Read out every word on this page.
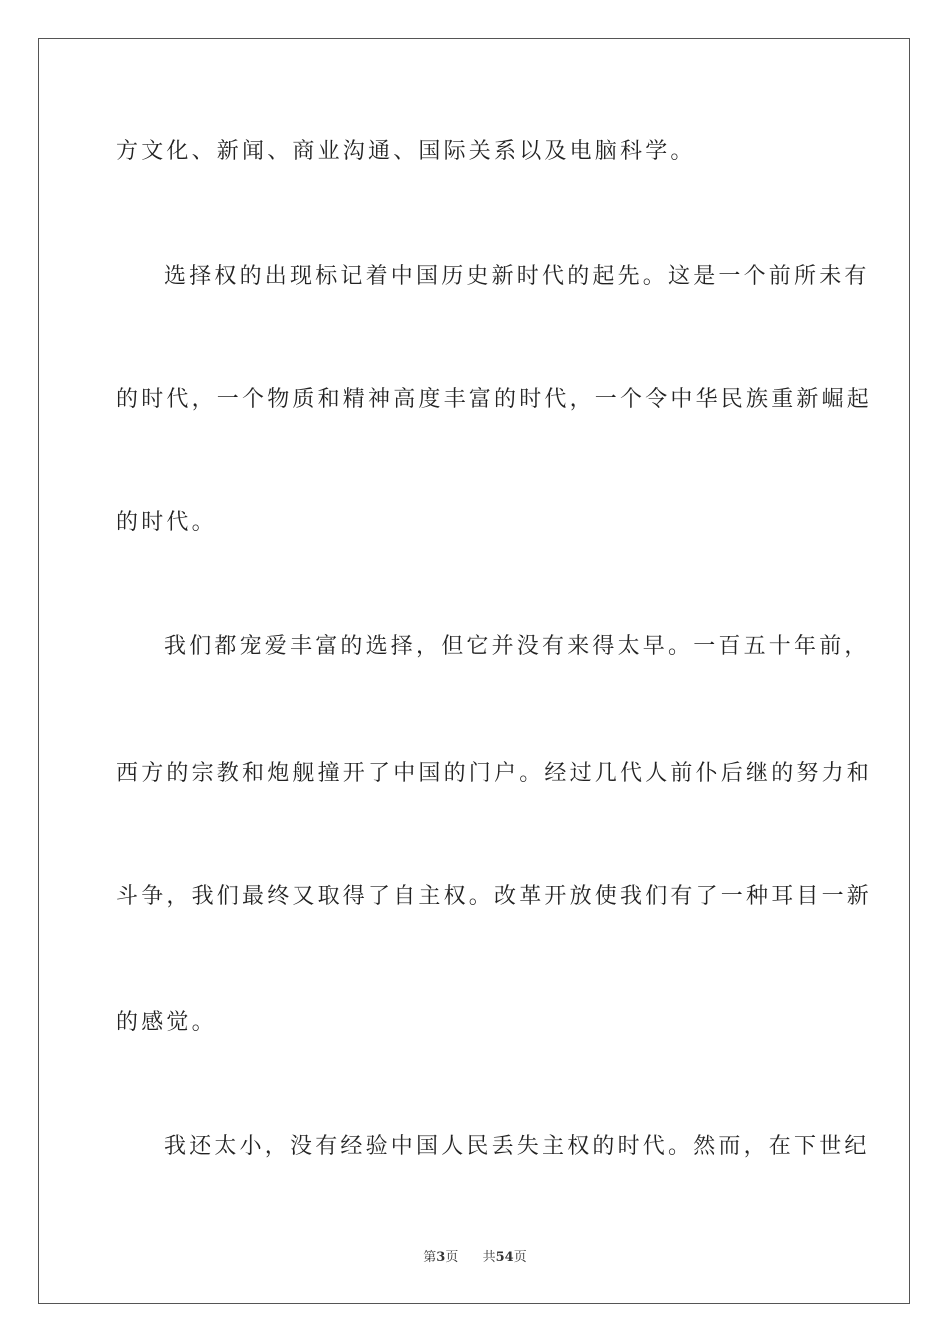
方文化、新闻、商业沟通、国际关系以及电脑科学。
选择权的出现标记着中国历史新时代的起先。这是一个前所未有
的时代，一个物质和精神高度丰富的时代，一个令中华民族重新崛起
的时代。
我们都宠爱丰富的选择，但它并没有来得太早。一百五十年前，
西方的宗教和炮舰撞开了中国的门户。经过几代人前仆后继的努力和
斗争，我们最终又取得了自主权。改革开放使我们有了一种耳目一新
的感觉。
我还太小，没有经验中国人民丢失主权的时代。然而，在下世纪
第3页 共54页
